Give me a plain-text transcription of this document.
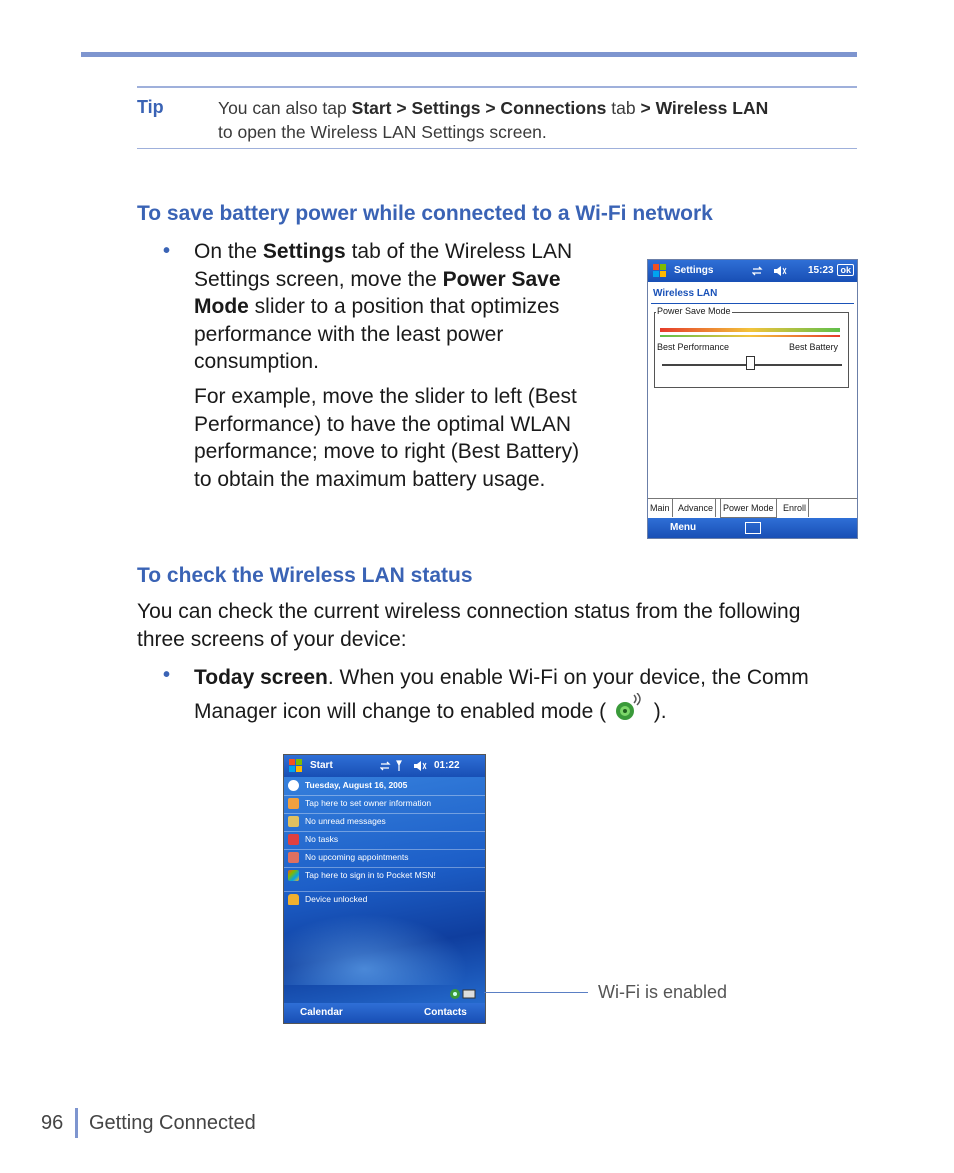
Tip	You can also tap Start > Settings > Connections tab > Wireless LAN
to open the Wireless LAN Settings screen.
To save battery power while connected to a Wi-Fi network
• On the Settings tab of the Wireless LAN Settings screen, move the Power Save Mode slider to a position that optimizes performance with the least power consumption.

For example, move the slider to left (Best Performance) to have the optimal WLAN performance; move to right (Best Battery) to obtain the maximum battery usage.

Settings	15:23 ok
Wireless LAN
Power Save Mode
Best Performance	Best Battery
Main Advance	Power Mode	Enroll
Menu
To check the Wireless LAN status

You can check the current wireless connection status from the following three screens of your device:

• Today screen. When you enable Wi-Fi on your device, the Comm Manager icon will change to enabled mode (  ).

Start	01:22
Tuesday, August 16, 2005
Tap here to set owner information
No unread messages
No tasks
No upcoming appointments
Tap here to sign in to Pocket MSN!
Device unlocked
Calendar	Contacts
Wi-Fi is enabled
96 Getting Connected
